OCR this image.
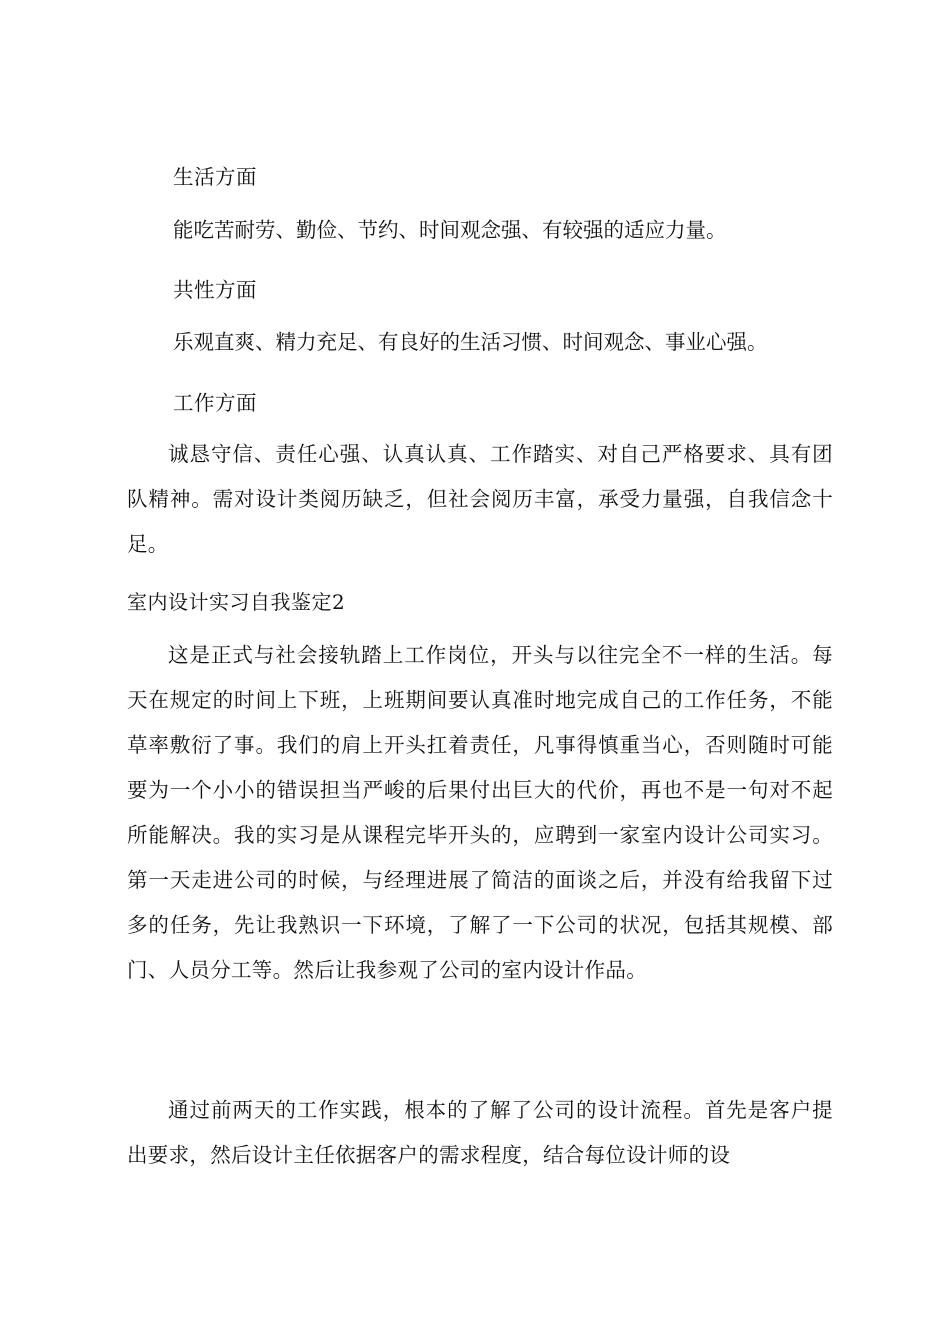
生活方面

能吃苦耐劳、勤俭、节约、时间观念强、有较强的适应力量。

共性方面

乐观直爽、精力充足、有良好的生活习惯、时间观念、事业心强。

工作方面

诚恳守信、责任心强、认真认真、工作踏实、对自己严格要求、具有团队精神。需对设计类阅历缺乏，但社会阅历丰富，承受力量强，自我信念十足。

室内设计实习自我鉴定2

这是正式与社会接轨踏上工作岗位，开头与以往完全不一样的生活。每天在规定的时间上下班，上班期间要认真准时地完成自己的工作任务，不能草率敷衍了事。我们的肩上开头扛着责任，凡事得慎重当心，否则随时可能要为一个小小的错误担当严峻的后果付出巨大的代价，再也不是一句对不起所能解决。我的实习是从课程完毕开头的，应聘到一家室内设计公司实习。第一天走进公司的时候，与经理进展了简洁的面谈之后，并没有给我留下过多的任务，先让我熟识一下环境，了解了一下公司的状况，包括其规模、部门、人员分工等。然后让我参观了公司的室内设计作品。

通过前两天的工作实践，根本的了解了公司的设计流程。首先是客户提出要求，然后设计主任依据客户的需求程度，结合每位设计师的设
